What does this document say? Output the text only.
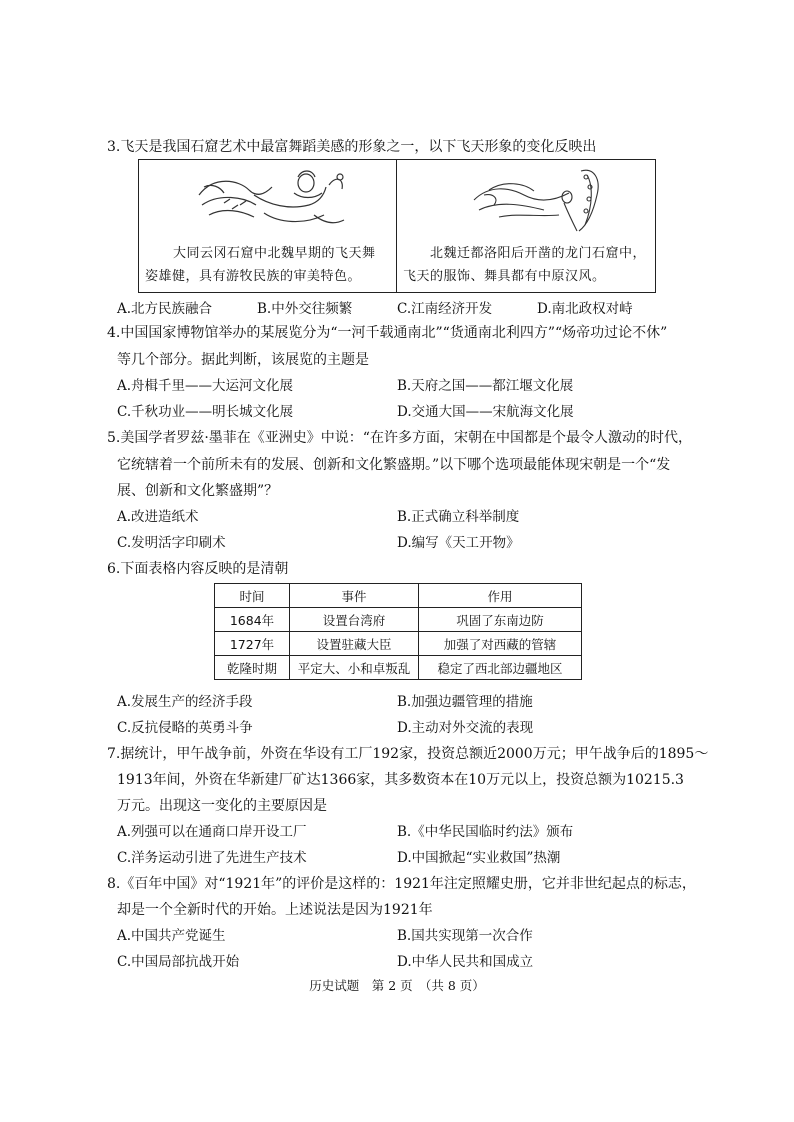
3.飞天是我国石窟艺术中最富舞蹈美感的形象之一，以下飞天形象的变化反映出
大同云冈石窟中北魏早期的飞天舞
姿雄健，具有游牧民族的审美特色。
北魏迁都洛阳后开凿的龙门石窟中，
飞天的服饰、舞具都有中原汉风。
A.北方民族融合	B.中外交往频繁	C.江南经济开发	D.南北政权对峙
4.中国国家博物馆举办的某展览分为“一河千载通南北”“货通南北利四方”“炀帝功过论不休”
等几个部分。据此判断，该展览的主题是
A.舟楫千里——大运河文化展	B.天府之国——都江堰文化展
C.千秋功业——明长城文化展	D.交通大国——宋航海文化展
5.美国学者罗兹·墨菲在《亚洲史》中说：“在许多方面，宋朝在中国都是个最令人激动的时代，
它统辖着一个前所未有的发展、创新和文化繁盛期。”以下哪个选项最能体现宋朝是一个“发
展、创新和文化繁盛期”？
A.改进造纸术	B.正式确立科举制度
C.发明活字印刷术	D.编写《天工开物》
6.下面表格内容反映的是清朝
时间	事件	作用
1684年	设置台湾府	巩固了东南边防
1727年	设置驻藏大臣	加强了对西藏的管辖
乾隆时期	平定大、小和卓叛乱	稳定了西北部边疆地区
A.发展生产的经济手段	B.加强边疆管理的措施
C.反抗侵略的英勇斗争	D.主动对外交流的表现
7.据统计，甲午战争前，外资在华设有工厂192家，投资总额近2000万元；甲午战争后的1895～
1913年间，外资在华新建厂矿达1366家，其多数资本在10万元以上，投资总额为10215.3
万元。出现这一变化的主要原因是
A.列强可以在通商口岸开设工厂	B.《中华民国临时约法》颁布
C.洋务运动引进了先进生产技术	D.中国掀起“实业救国”热潮
8.《百年中国》对“1921年”的评价是这样的：1921年注定照耀史册，它并非世纪起点的标志，
却是一个全新时代的开始。上述说法是因为1921年
A.中国共产党诞生	B.国共实现第一次合作
C.中国局部抗战开始	D.中华人民共和国成立
历史试题　第 2 页　（共 8 页）
